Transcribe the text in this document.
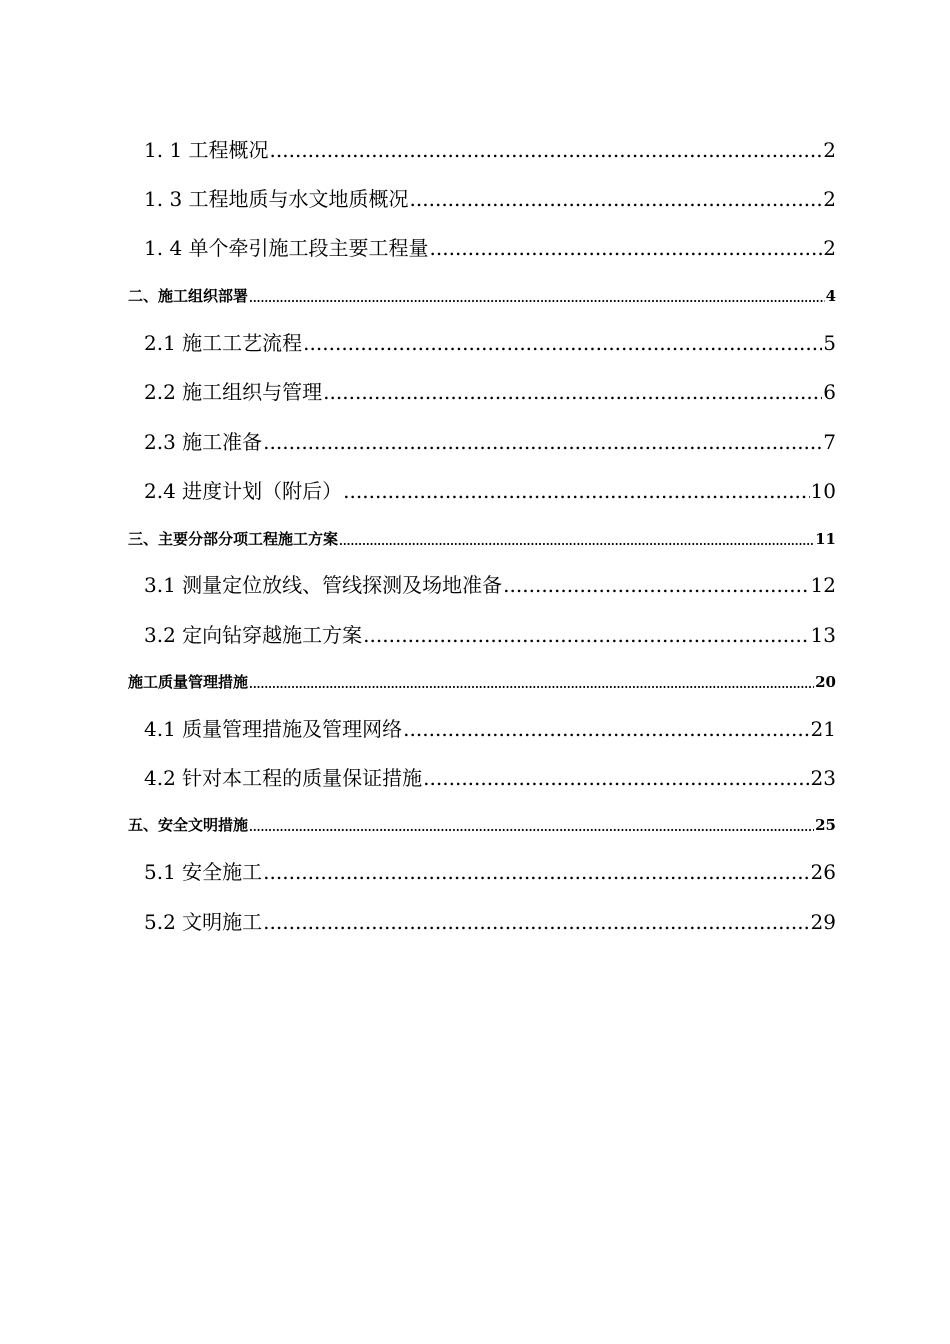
1. 1 工程概况 .....	2
1. 3 工程地质与水文地质概况 .....	2
1. 4 单个牵引施工段主要工程量 .....	2
二、施工组织部署 .....	4
2.1 施工工艺流程 .....	5
2.2 施工组织与管理 .....	6
2.3 施工准备 .....	7
2.4 进度计划（附后） .....	10
三、主要分部分项工程施工方案 .....	11
3.1 测量定位放线、管线探测及场地准备 .....	12
3.2 定向钻穿越施工方案 .....	13
施工质量管理措施 .....	20
4.1 质量管理措施及管理网络 .....	21
4.2 针对本工程的质量保证措施 .....	23
五、安全文明措施 .....	25
5.1 安全施工 .....	26
5.2 文明施工 .....	29
